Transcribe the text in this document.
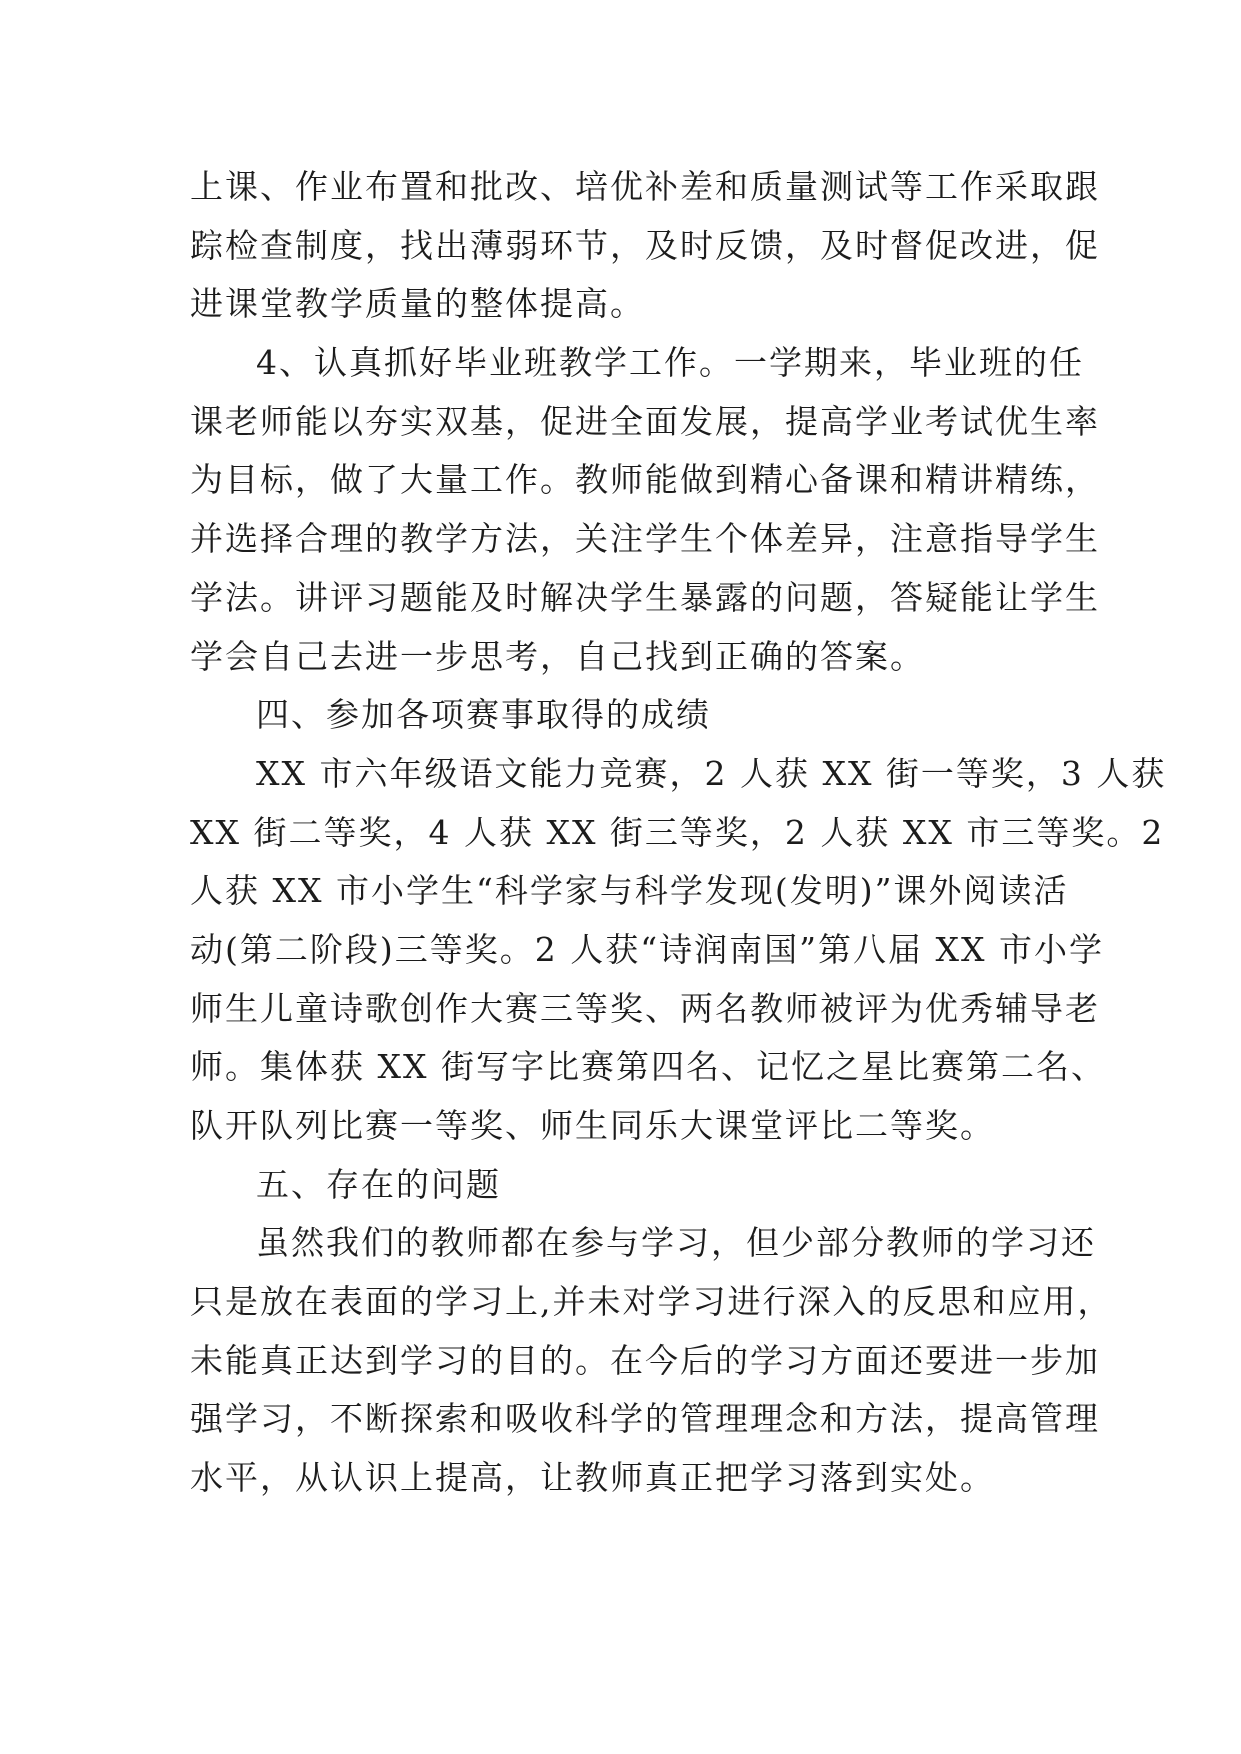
上课、作业布置和批改、培优补差和质量测试等工作采取跟
踪检查制度，找出薄弱环节，及时反馈，及时督促改进，促
进课堂教学质量的整体提高。
4、认真抓好毕业班教学工作。一学期来，毕业班的任
课老师能以夯实双基，促进全面发展，提高学业考试优生率
为目标，做了大量工作。教师能做到精心备课和精讲精练，
并选择合理的教学方法，关注学生个体差异，注意指导学生
学法。讲评习题能及时解决学生暴露的问题，答疑能让学生
学会自己去进一步思考，自己找到正确的答案。
四、参加各项赛事取得的成绩
XX 市六年级语文能力竞赛，2 人获 XX 街一等奖，3 人获
XX 街二等奖，4 人获 XX 街三等奖，2 人获 XX 市三等奖。2
人获 XX 市小学生“科学家与科学发现(发明)”课外阅读活
动(第二阶段)三等奖。2 人获“诗润南国”第八届 XX 市小学
师生儿童诗歌创作大赛三等奖、两名教师被评为优秀辅导老
师。集体获 XX 街写字比赛第四名、记忆之星比赛第二名、
队开队列比赛一等奖、师生同乐大课堂评比二等奖。
五、存在的问题
虽然我们的教师都在参与学习，但少部分教师的学习还
只是放在表面的学习上,并未对学习进行深入的反思和应用，
未能真正达到学习的目的。在今后的学习方面还要进一步加
强学习，不断探索和吸收科学的管理理念和方法，提高管理
水平，从认识上提高，让教师真正把学习落到实处。
